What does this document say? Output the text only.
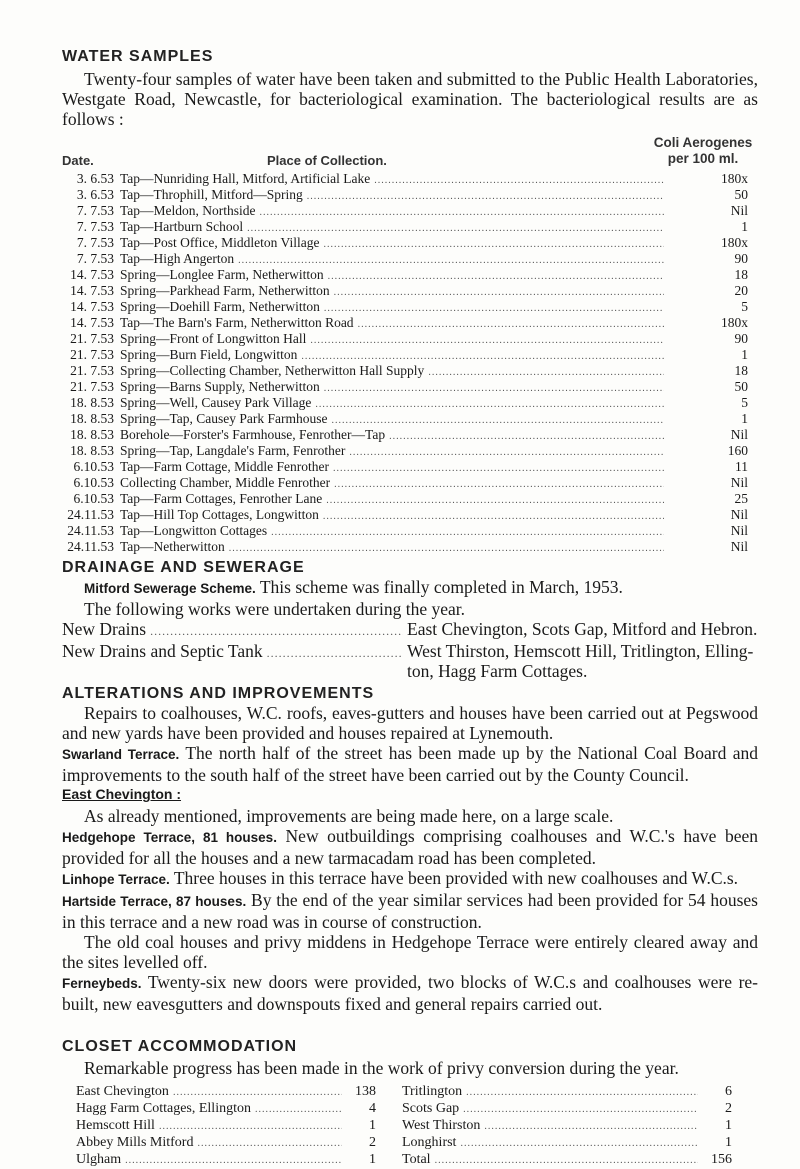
WATER SAMPLES
Twenty-four samples of water have been taken and submitted to the Public Health Laboratories, Westgate Road, Newcastle, for bacteriological examination. The bacteriological results are as follows :
Date.	Place of Collection.
Coli Aerogenes
per 100 ml.
3. 6.53 Tap—Nunriding Hall, Mitford, Artificial Lake .....	180x
3. 6.53 Tap—Throphill, Mitford—Spring .....	50
7. 7.53 Tap—Meldon, Northside .....	Nil
7. 7.53 Tap—Hartburn School .....	1
7. 7.53 Tap—Post Office, Middleton Village .....	180x
7. 7.53 Tap—High Angerton .....	90
14. 7.53 Spring—Longlee Farm, Netherwitton .....	18
14. 7.53 Spring—Parkhead Farm, Netherwitton .....	20
14. 7.53 Spring—Doehill Farm, Netherwitton .....	5
14. 7.53 Tap—The Barn's Farm, Netherwitton Road .....	180x
21. 7.53 Spring—Front of Longwitton Hall .....	90
21. 7.53 Spring—Burn Field, Longwitton .....	1
21. 7.53 Spring—Collecting Chamber, Netherwitton Hall Supply .....	18
21. 7.53 Spring—Barns Supply, Netherwitton .....	50
18. 8.53 Spring—Well, Causey Park Village .....	5
18. 8.53 Spring—Tap, Causey Park Farmhouse .....	1
18. 8.53 Borehole—Forster's Farmhouse, Fenrother—Tap .....	Nil
18. 8.53 Spring—Tap, Langdale's Farm, Fenrother .....	160
6.10.53 Tap—Farm Cottage, Middle Fenrother .....	11
6.10.53 Collecting Chamber, Middle Fenrother .....	Nil
6.10.53 Tap—Farm Cottages, Fenrother Lane .....	25
24.11.53 Tap—Hill Top Cottages, Longwitton .....	Nil
24.11.53 Tap—Longwitton Cottages .....	Nil
24.11.53 Tap—Netherwitton .....	Nil
DRAINAGE AND SEWERAGE
Mitford Sewerage Scheme. This scheme was finally completed in March, 1953.
The following works were undertaken during the year.
New Drains .....	East Chevington, Scots Gap, Mitford and Hebron.
New Drains and Septic Tank .....	West Thirston, Hemscott Hill, Tritlington, Elling-ton, Hagg Farm Cottages.
ALTERATIONS AND IMPROVEMENTS
Repairs to coalhouses, W.C. roofs, eaves-gutters and houses have been carried out at Pegswood and new yards have been provided and houses repaired at Lynemouth.
Swarland Terrace. The north half of the street has been made up by the National Coal Board and improvements to the south half of the street have been carried out by the County Council.
East Chevington :
As already mentioned, improvements are being made here, on a large scale.
Hedgehope Terrace, 81 houses. New outbuildings comprising coalhouses and W.C.'s have been provided for all the houses and a new tarmacadam road has been completed.
Linhope Terrace. Three houses in this terrace have been provided with new coalhouses and W.C.s.
Hartside Terrace, 87 houses. By the end of the year similar services had been provided for 54 houses in this terrace and a new road was in course of construction.
The old coal houses and privy middens in Hedgehope Terrace were entirely cleared away and the sites levelled off.
Ferneybeds. Twenty-six new doors were provided, two blocks of W.C.s and coalhouses were re-built, new eavesgutters and downspouts fixed and general repairs carried out.
CLOSET ACCOMMODATION
Remarkable progress has been made in the work of privy conversion during the year.
East Chevington .....	138
Hagg Farm Cottages, Ellington .....	4
Hemscott Hill .....	1
Abbey Mills Mitford .....	2
Ulgham .....	1
Tritlington .....	6
Scots Gap .....	2
West Thirston .....	1
Longhirst .....	1
Total .....	156
